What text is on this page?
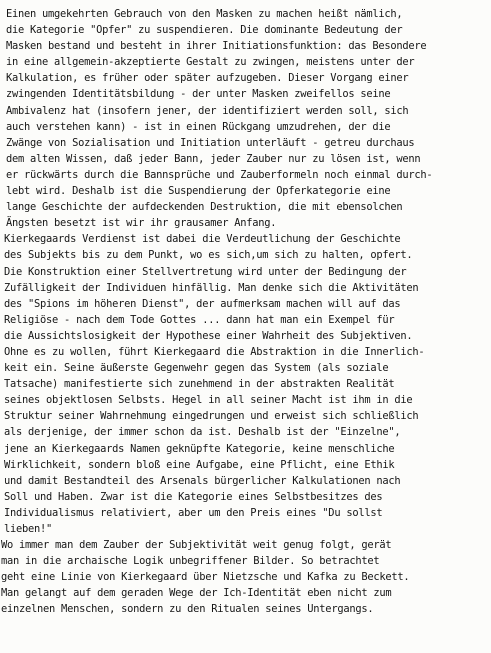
Einen umgekehrten Gebrauch von den Masken zu machen heißt nämlich,
die Kategorie "Opfer" zu suspendieren. Die dominante Bedeutung der
Masken bestand und besteht in ihrer Initiationsfunktion: das Besondere
in eine allgemein-akzeptierte Gestalt zu zwingen, meistens unter der
Kalkulation, es früher oder später aufzugeben. Dieser Vorgang einer
zwingenden Identitätsbildung - der unter Masken zweifellos seine
Ambivalenz hat (insofern jener, der identifiziert werden soll, sich
auch verstehen kann) - ist in einen Rückgang umzudrehen, der die
Zwänge von Sozialisation und Initiation unterläuft - getreu durchaus
dem alten Wissen, daß jeder Bann, jeder Zauber nur zu lösen ist, wenn
er rückwärts durch die Bannsprüche und Zauberformeln noch einmal durch-
lebt wird. Deshalb ist die Suspendierung der Opferkategorie eine
lange Geschichte der aufdeckenden Destruktion, die mit ebensolchen
Ängsten besetzt ist wir ihr grausamer Anfang.
Kierkegaards Verdienst ist dabei die Verdeutlichung der Geschichte
des Subjekts bis zu dem Punkt, wo es sich,um sich zu halten, opfert.
Die Konstruktion einer Stellvertretung wird unter der Bedingung der
Zufälligkeit der Individuen hinfällig. Man denke sich die Aktivitäten
des "Spions im höheren Dienst", der aufmerksam machen will auf das
Religiöse - nach dem Tode Gottes ... dann hat man ein Exempel für
die Aussichtslosigkeit der Hypothese einer Wahrheit des Subjektiven.
Ohne es zu wollen, führt Kierkegaard die Abstraktion in die Innerlich-
keit ein. Seine äußerste Gegenwehr gegen das System (als soziale
Tatsache) manifestierte sich zunehmend in der abstrakten Realität
seines objektlosen Selbsts. Hegel in all seiner Macht ist ihm in die
Struktur seiner Wahrnehmung eingedrungen und erweist sich schließlich
als derjenige, der immer schon da ist. Deshalb ist der "Einzelne",
jene an Kierkegaards Namen geknüpfte Kategorie, keine menschliche
Wirklichkeit, sondern bloß eine Aufgabe, eine Pflicht, eine Ethik
und damit Bestandteil des Arsenals bürgerlicher Kalkulationen nach
Soll und Haben. Zwar ist die Kategorie eines Selbstbesitzes des
Individualismus relativiert, aber um den Preis eines "Du sollst
lieben!"
Wo immer man dem Zauber der Subjektivität weit genug folgt, gerät
man in die archaische Logik unbegriffener Bilder. So betrachtet
geht eine Linie von Kierkegaard über Nietzsche und Kafka zu Beckett.
Man gelangt auf dem geraden Wege der Ich-Identität eben nicht zum
einzelnen Menschen, sondern zu den Ritualen seines Untergangs.
